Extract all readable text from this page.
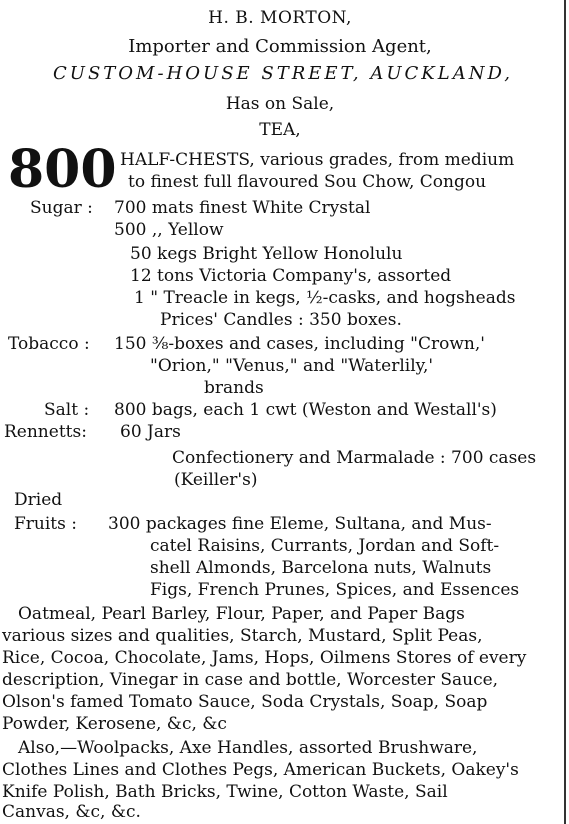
H. B. MORTON,
Importer and Commission Agent,
CUSTOM-HOUSE STREET, AUCKLAND,
Has on Sale,
TEA,
800 HALF-CHESTS, various grades, from medium
to finest full flavoured Sou Chow, Congou
Sugar : 700 mats finest White Crystal
500 ,, Yellow
50 kegs Bright Yellow Honolulu
12 tons Victoria Company's, assorted
1 " Treacle in kegs, ½-casks, and hogsheads
Prices' Candles : 350 boxes.
Tobacco : 150 ⅜-boxes and cases, including "Crown,'
"Orion," "Venus," and "Waterlily,'
brands
Salt : 800 bags, each 1 cwt (Weston and Westall's)
Rennetts: 60 Jars
Confectionery and Marmalade : 700 cases
(Keiller's)
Dried
Fruits : 300 packages fine Eleme, Sultana, and Mus-
catel Raisins, Currants, Jordan and Soft-
shell Almonds, Barcelona nuts, Walnuts
Figs, French Prunes, Spices, and Essences
Oatmeal, Pearl Barley, Flour, Paper, and Paper Bags
various sizes and qualities, Starch, Mustard, Split Peas,
Rice, Cocoa, Chocolate, Jams, Hops, Oilmens Stores of every
description, Vinegar in case and bottle, Worcester Sauce,
Olson's famed Tomato Sauce, Soda Crystals, Soap, Soap
Powder, Kerosene, &c, &c
Also,—Woolpacks, Axe Handles, assorted Brushware,
Clothes Lines and Clothes Pegs, American Buckets, Oakey's
Knife Polish, Bath Bricks, Twine, Cotton Waste, Sail
Canvas, &c, &c.
